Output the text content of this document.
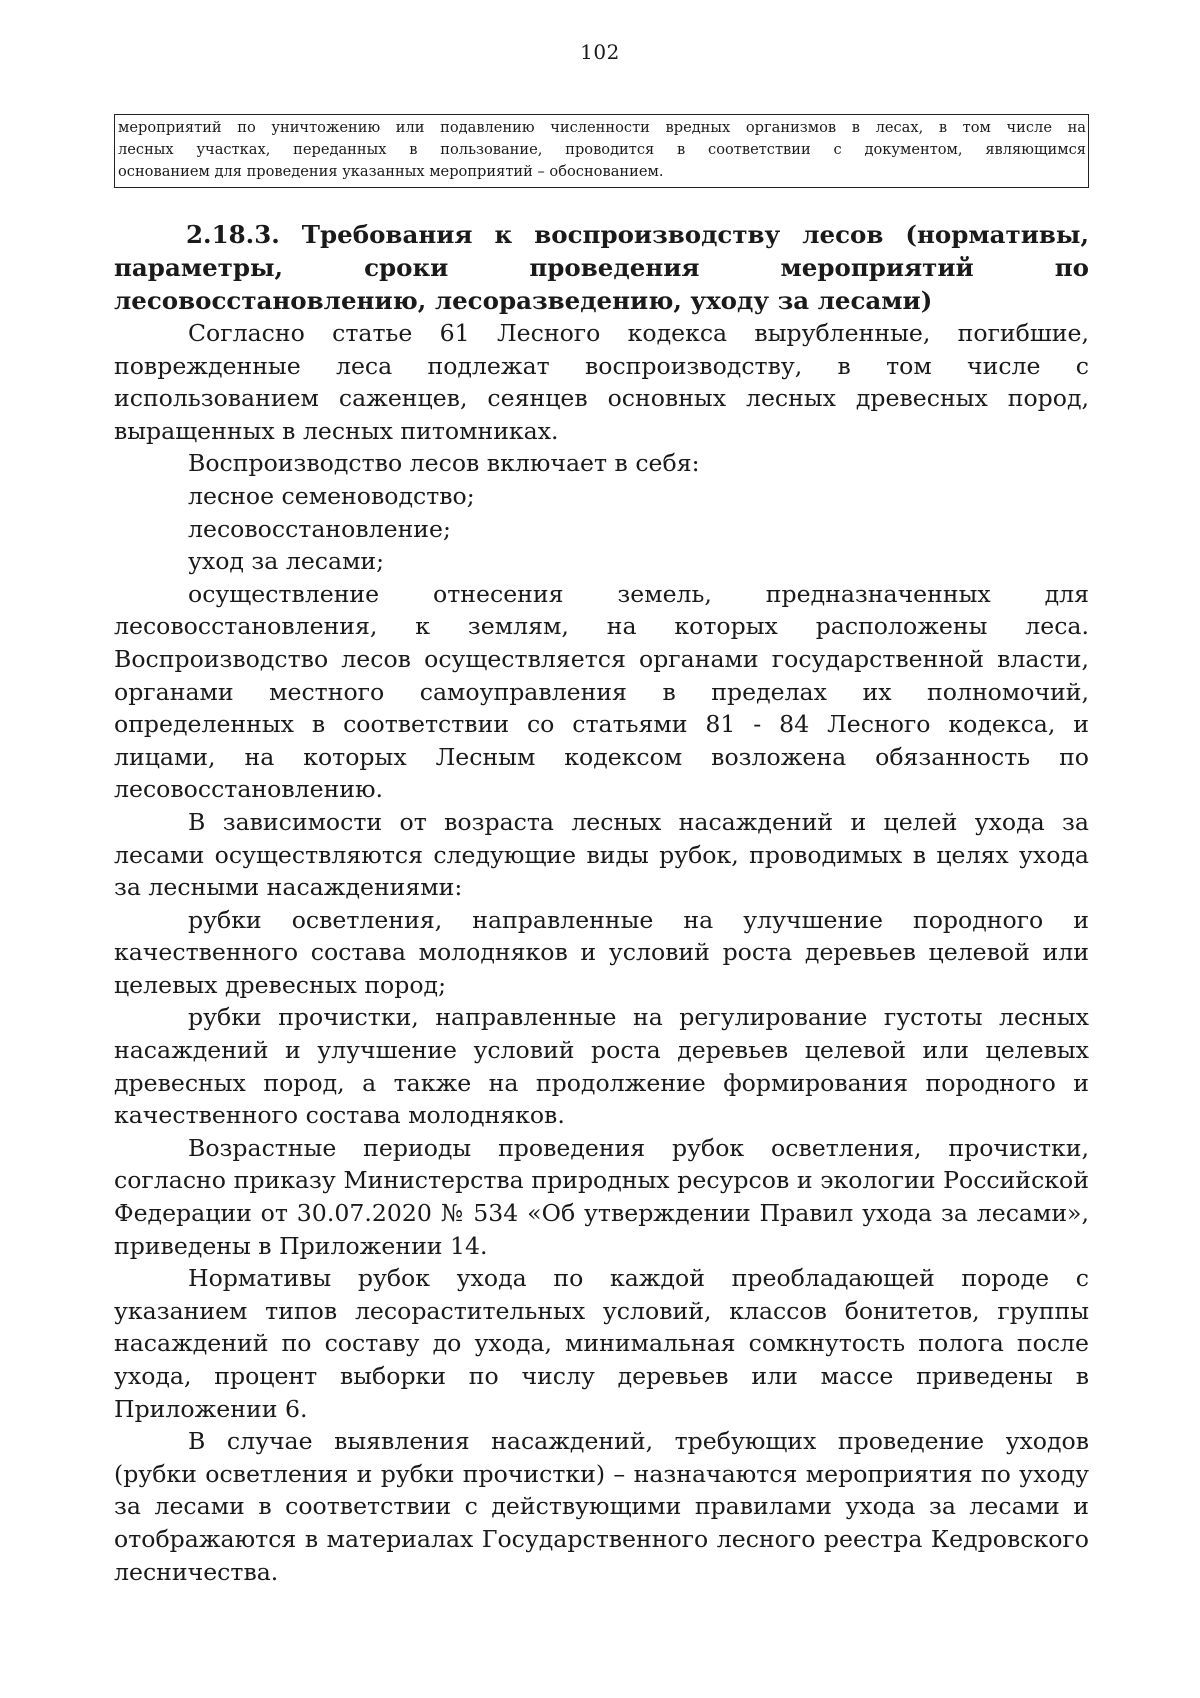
102

мероприятий по уничтожению или подавлению численности вредных организмов в лесах, в том числе на

лесных участках, переданных в пользование, проводится в соответствии с документом, являющимся

основанием для проведения указанных мероприятий – обоснованием.

2.18.3. Требования к воспроизводству лесов (нормативы, параметры, сроки проведения мероприятий по лесовосстановлению, лесоразведению, уходу за лесами)

Согласно статье 61 Лесного кодекса вырубленные, погибшие, поврежденные леса подлежат воспроизводству, в том числе с использованием саженцев, сеянцев основных лесных древесных пород, выращенных в лесных питомниках.

Воспроизводство лесов включает в себя:

лесное семеноводство;

лесовосстановление;

уход за лесами;

осуществление отнесения земель, предназначенных для лесовосстановления, к землям, на которых расположены леса. Воспроизводство лесов осуществляется органами государственной власти, органами местного самоуправления в пределах их полномочий, определенных в соответствии со статьями 81 - 84 Лесного кодекса, и лицами, на которых Лесным кодексом возложена обязанность по лесовосстановлению.

В зависимости от возраста лесных насаждений и целей ухода за лесами осуществляются следующие виды рубок, проводимых в целях ухода за лесными насаждениями:

рубки осветления, направленные на улучшение породного и качественного состава молодняков и условий роста деревьев целевой или целевых древесных пород;

рубки прочистки, направленные на регулирование густоты лесных насаждений и улучшение условий роста деревьев целевой или целевых древесных пород, а также на продолжение формирования породного и качественного состава молодняков.

Возрастные периоды проведения рубок осветления, прочистки, согласно приказу Министерства природных ресурсов и экологии Российской Федерации от 30.07.2020 № 534 «Об утверждении Правил ухода за лесами», приведены в Приложении 14.

Нормативы рубок ухода по каждой преобладающей породе с указанием типов лесорастительных условий, классов бонитетов, группы насаждений по составу до ухода, минимальная сомкнутость полога после ухода, процент выборки по числу деревьев или массе приведены в Приложении 6.

В случае выявления насаждений, требующих проведение уходов (рубки осветления и рубки прочистки) – назначаются мероприятия по уходу за лесами в соответствии с действующими правилами ухода за лесами и отображаются в материалах Государственного лесного реестра Кедровского лесничества.
